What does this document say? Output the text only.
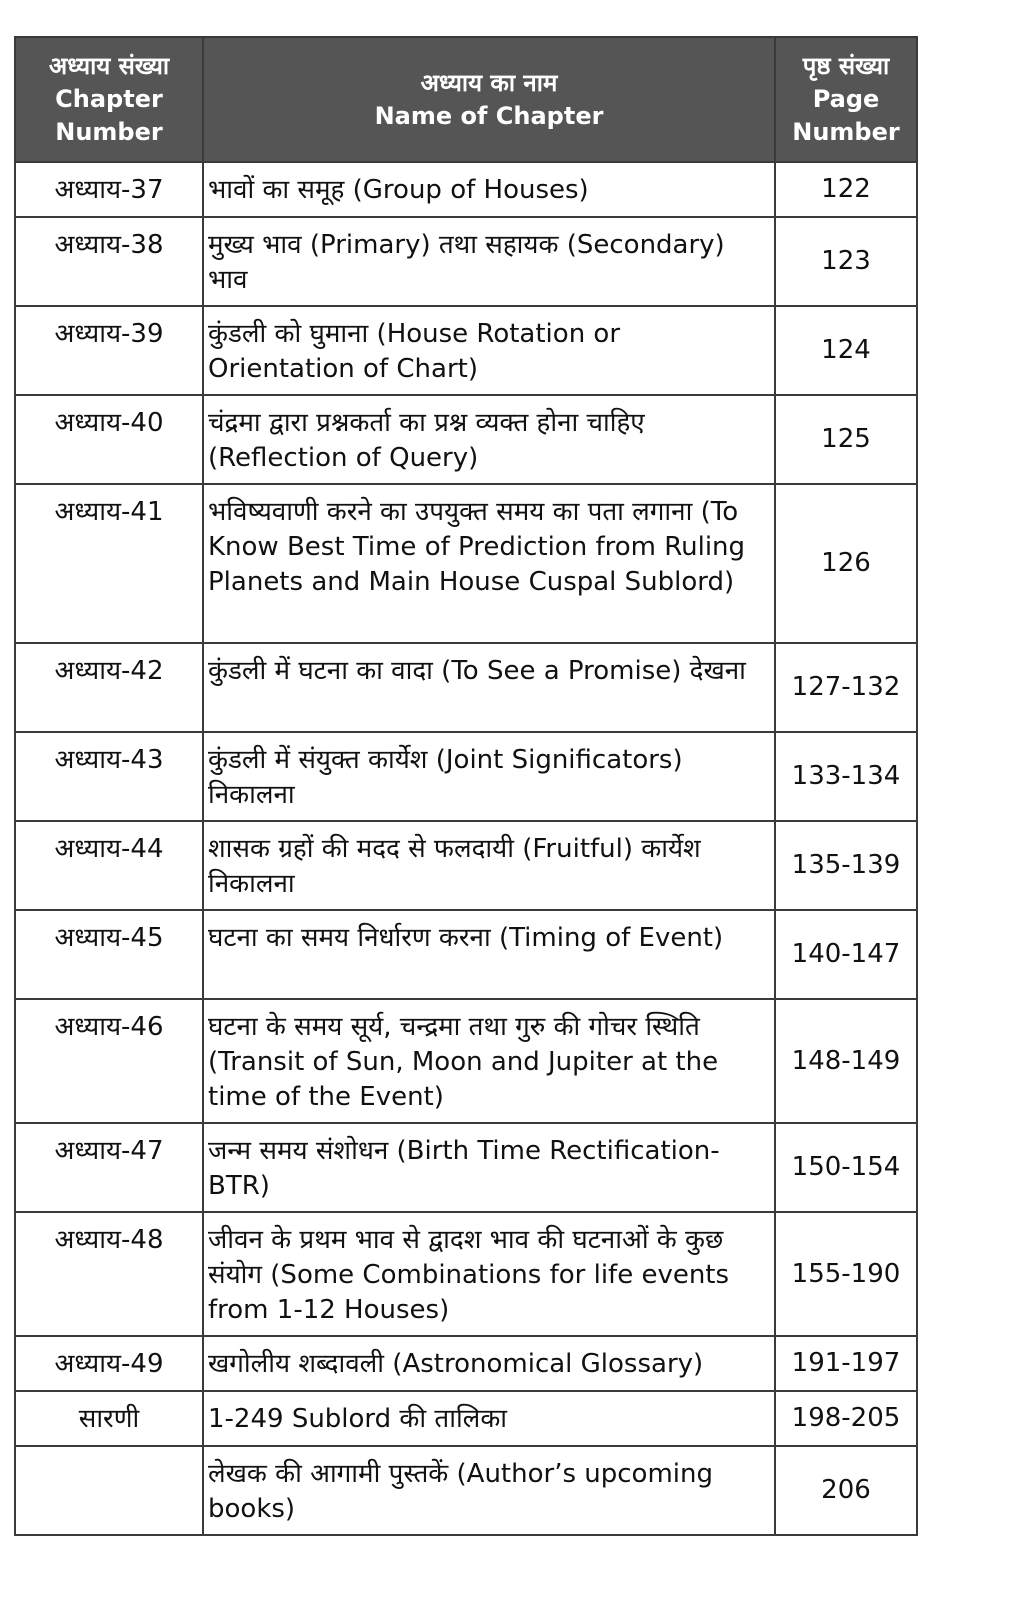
अध्याय संख्या
Chapter
Number	अध्याय का नाम
Name of Chapter	पृष्ठ संख्या
Page
Number

अध्याय-37	भावों का समूह (Group of Houses)	122
अध्याय-38	मुख्य भाव (Primary) तथा सहायक (Secondary) भाव	123
अध्याय-39	कुंडली को घुमाना (House Rotation or Orientation of Chart)	124
अध्याय-40	चंद्रमा द्वारा प्रश्नकर्ता का प्रश्न व्यक्त होना चाहिए (Reflection of Query)	125
अध्याय-41	भविष्यवाणी करने का उपयुक्त समय का पता लगाना (To Know Best Time of Prediction from Ruling Planets and Main House Cuspal Sublord)	126
अध्याय-42	कुंडली में घटना का वादा (To See a Promise) देखना	127-132
अध्याय-43	कुंडली में संयुक्त कार्येश (Joint Significators) निकालना	133-134
अध्याय-44	शासक ग्रहों की मदद से फलदायी (Fruitful) कार्येश निकालना	135-139
अध्याय-45	घटना का समय निर्धारण करना (Timing of Event)	140-147
अध्याय-46	घटना के समय सूर्य, चन्द्रमा तथा गुरु की गोचर स्थिति (Transit of Sun, Moon and Jupiter at the time of the Event)	148-149
अध्याय-47	जन्म समय संशोधन (Birth Time Rectification-BTR)	150-154
अध्याय-48	जीवन के प्रथम भाव से द्वादश भाव की घटनाओं के कुछ संयोग (Some Combinations for life events from 1-12 Houses)	155-190
अध्याय-49	खगोलीय शब्दावली (Astronomical Glossary)	191-197
सारणी	1-249 Sublord की तालिका	198-205
	लेखक की आगामी पुस्तकें (Author’s upcoming books)	206
